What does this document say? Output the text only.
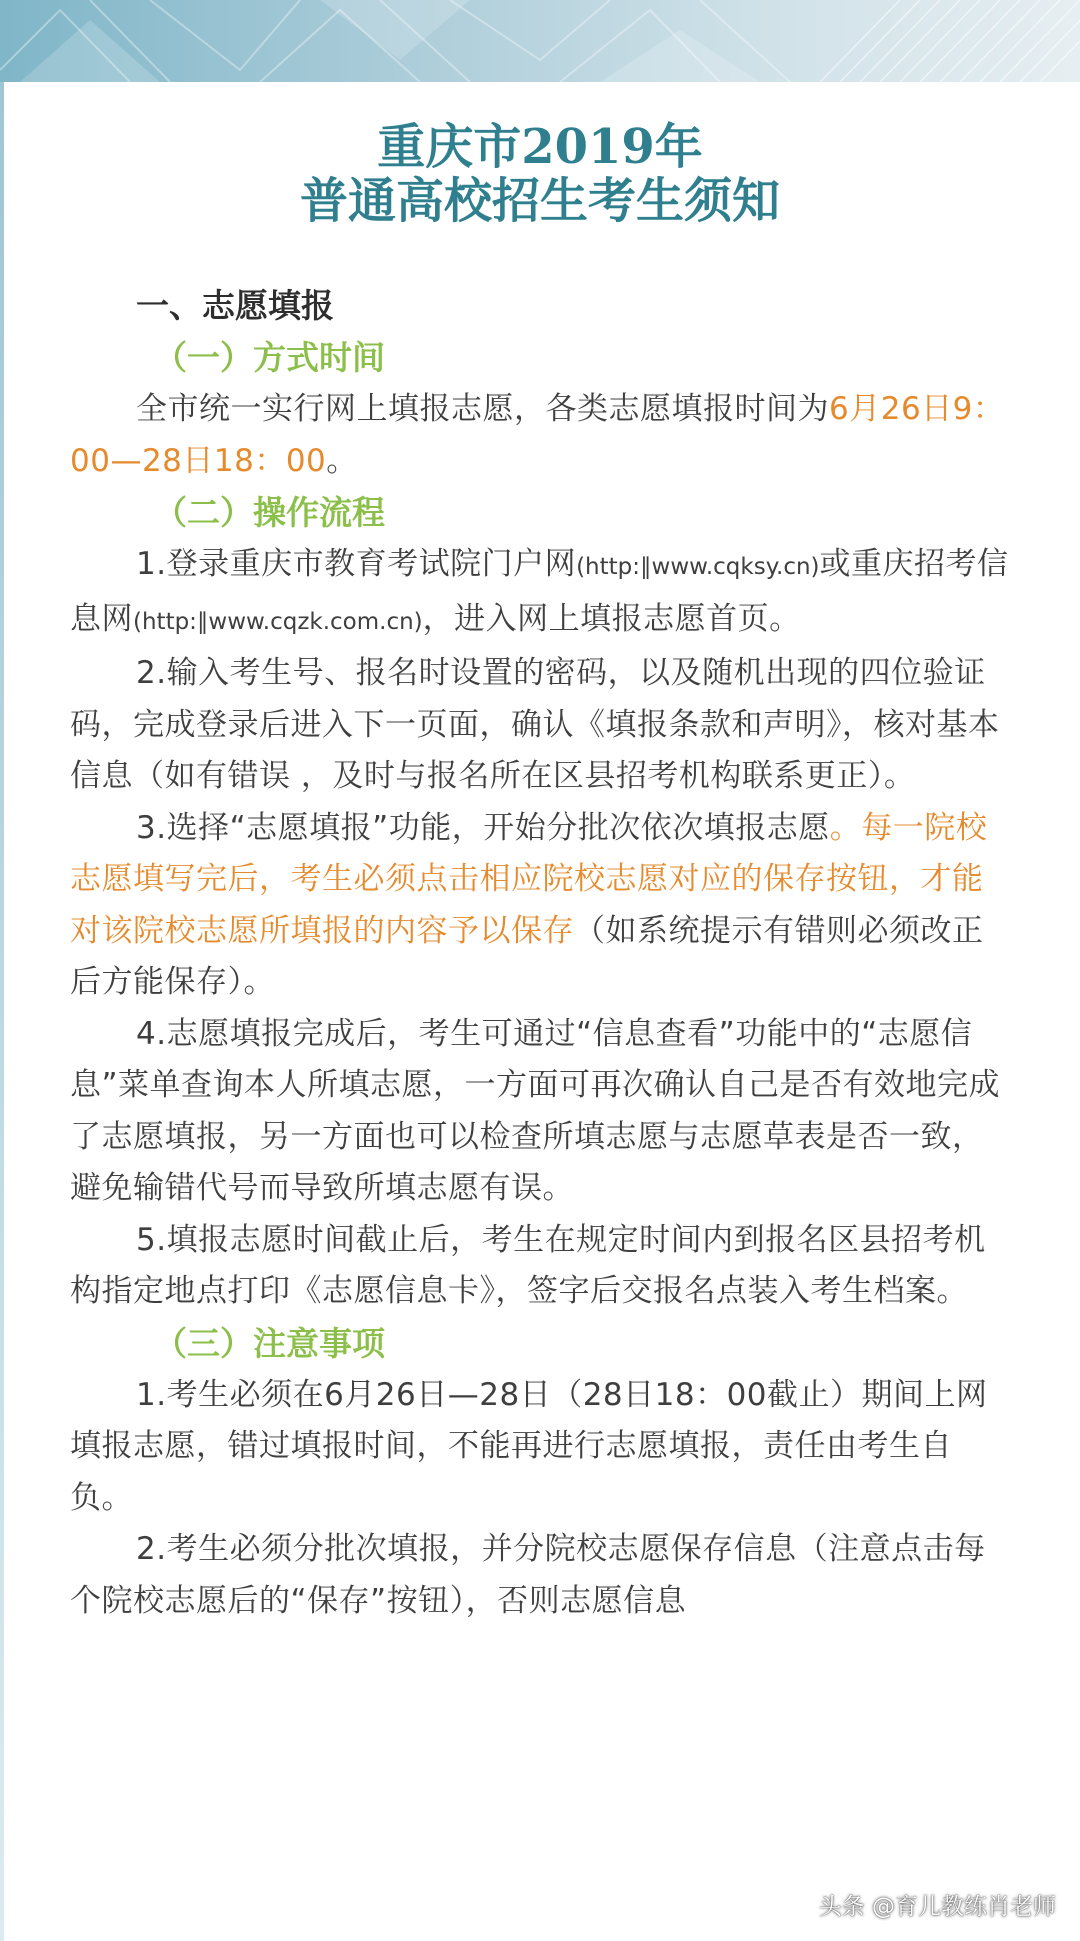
重庆市2019年
普通高校招生考生须知
一、志愿填报
（一）方式时间

全市统一实行网上填报志愿，各类志愿填报时间为6月26日9：00—28日18：00。

（二）操作流程

1.登录重庆市教育考试院门户网(http:∥www.cqksy.cn)或重庆招考信息网(http:∥www.cqzk.com.cn)，进入网上填报志愿首页。

2.输入考生号、报名时设置的密码，以及随机出现的四位验证码，完成登录后进入下一页面，确认《填报条款和声明》，核对基本信息（如有错误 ，及时与报名所在区县招考机构联系更正）。

3.选择“志愿填报”功能，开始分批次依次填报志愿。每一院校志愿填写完后，考生必须点击相应院校志愿对应的保存按钮，才能对该院校志愿所填报的内容予以保存（如系统提示有错则必须改正后方能保存）。

4.志愿填报完成后，考生可通过“信息查看”功能中的“志愿信息”菜单查询本人所填志愿，一方面可再次确认自己是否有效地完成了志愿填报，另一方面也可以检查所填志愿与志愿草表是否一致，避免输错代号而导致所填志愿有误。

5.填报志愿时间截止后，考生在规定时间内到报名区县招考机构指定地点打印《志愿信息卡》，签字后交报名点装入考生档案。

（三）注意事项

1.考生必须在6月26日—28日（28日18：00截止）期间上网填报志愿，错过填报时间，不能再进行志愿填报，责任由考生自负。

2.考生必须分批次填报，并分院校志愿保存信息（注意点击每个院校志愿后的“保存”按钮），否则志愿信息

头条 @育儿教练肖老师
